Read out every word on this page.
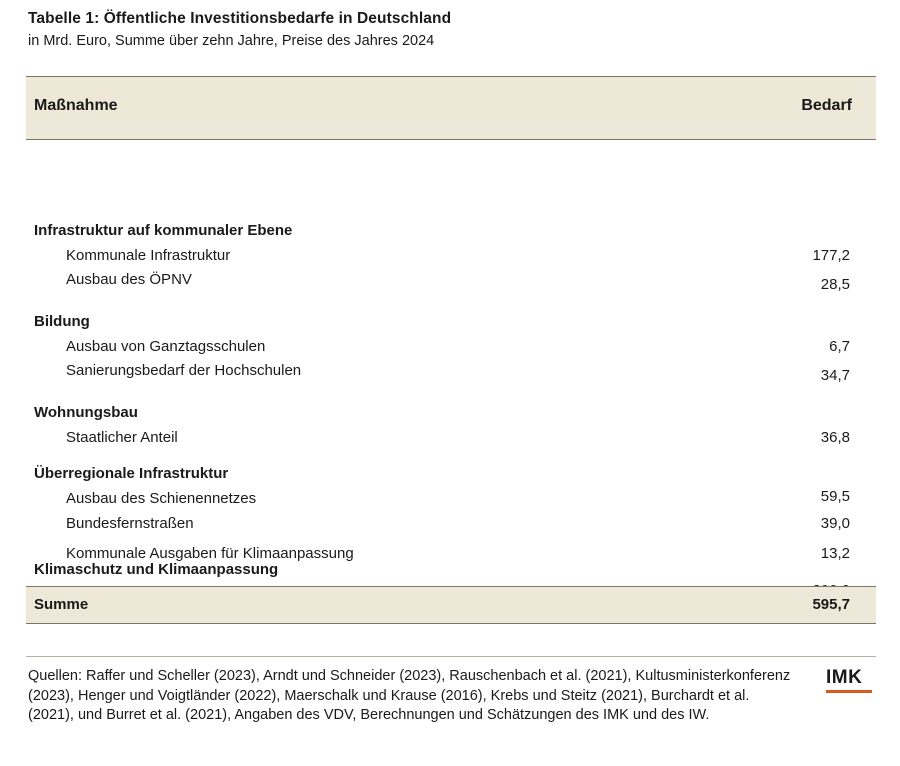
Tabelle 1: Öffentliche Investitionsbedarfe in Deutschland
in Mrd. Euro, Summe über zehn Jahre, Preise des Jahres 2024
Maßnahme	Bedarf
Infrastruktur auf kommunaler Ebene
Kommunale Infrastruktur	177,2
Ausbau des ÖPNV	28,5
Bildung
Ausbau von Ganztagsschulen	6,7
Sanierungsbedarf der Hochschulen	34,7
Wohnungsbau
Staatlicher Anteil	36,8
Überregionale Infrastruktur
Ausbau des Schienennetzes	59,5
Bundesfernstraßen	39,0
Klimaschutz und Klimaanpassung
Kommunale Ausgaben für Klimaanpassung	13,2
Summe	595,7
Quellen: Raffer und Scheller (2023), Arndt und Schneider (2023), Rauschenbach et al. (2021), Kultusministerkonferenz (2023), Henger und Voigtländer (2022), Maerschalk und Krause (2016), Krebs und Steitz (2021), Burchardt et al. (2021), und Burret et al. (2021), Angaben des VDV, Berechnungen und Schätzungen des IMK und des IW.
IMK
